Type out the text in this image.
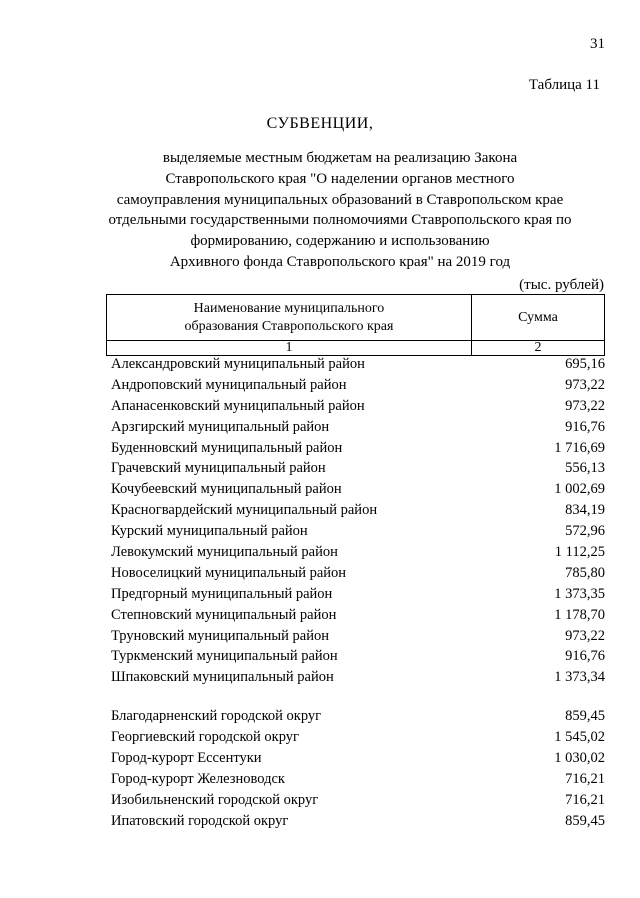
31
Таблица 11
СУБВЕНЦИИ,
выделяемые местным бюджетам на реализацию Закона
Ставропольского края "О наделении органов местного
самоуправления муниципальных образований в Ставропольском крае
отдельными государственными полномочиями Ставропольского края по
формированию, содержанию и использованию
Архивного фонда Ставропольского края" на 2019 год
(тыс. рублей)
Наименование муниципального
образования Ставропольского края	Сумма
1	2
Александровский муниципальный район	695,16
Андроповский муниципальный район	973,22
Апанасенковский муниципальный район	973,22
Арзгирский муниципальный район	916,76
Буденновский муниципальный район	1 716,69
Грачевский муниципальный район	556,13
Кочубеевский муниципальный район	1 002,69
Красногвардейский муниципальный район	834,19
Курский муниципальный район	572,96
Левокумский муниципальный район	1 112,25
Новоселицкий муниципальный район	785,80
Предгорный муниципальный район	1 373,35
Степновский муниципальный район	1 178,70
Труновский муниципальный район	973,22
Туркменский муниципальный район	916,76
Шпаковский муниципальный район	1 373,34
Благодарненский городской округ	859,45
Георгиевский городской округ	1 545,02
Город-курорт Ессентуки	1 030,02
Город-курорт Железноводск	716,21
Изобильненский городской округ	716,21
Ипатовский городской округ	859,45
